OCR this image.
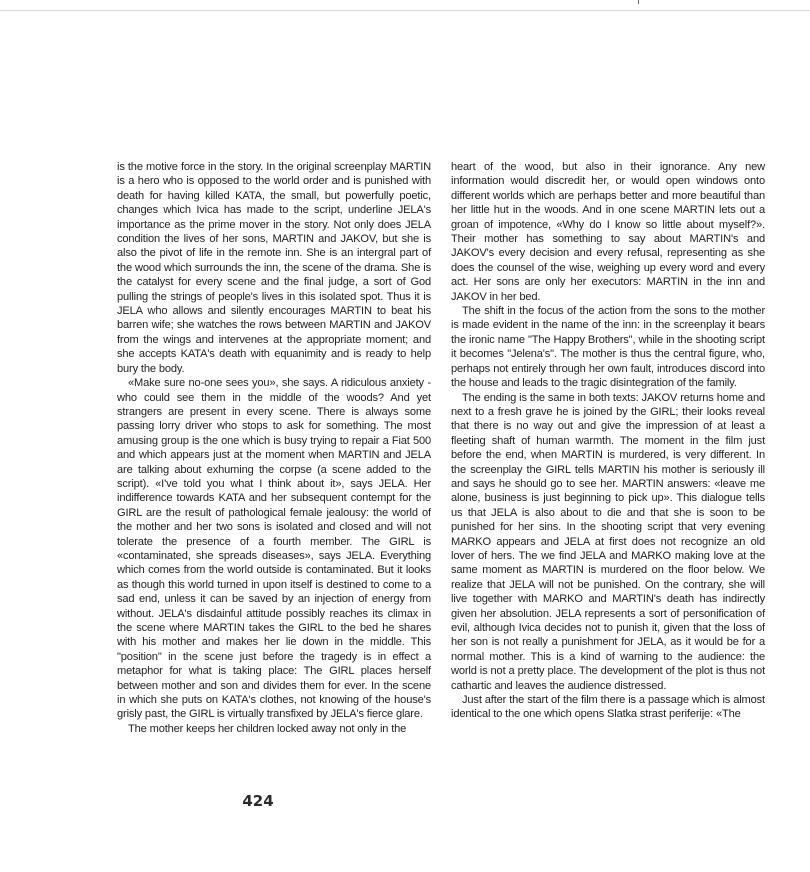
is the motive force in the story. In the original screenplay MARTIN is a hero who is opposed to the world order and is punished with death for having killed KATA, the small, but powerfully poetic, changes which Ivica has made to the script, underline JELA's importance as the prime mover in the story. Not only does JELA condition the lives of her sons, MARTIN and JAKOV, but she is also the pivot of life in the remote inn. She is an intergral part of the wood which surrounds the inn, the scene of the drama. She is the catalyst for every scene and the final judge, a sort of God pulling the strings of people's lives in this isolated spot. Thus it is JELA who allows and silently encourages MARTIN to beat his barren wife; she watches the rows between MARTIN and JAKOV from the wings and intervenes at the appropriate moment; and she accepts KATA's death with equanimity and is ready to help bury the body.

«Make sure no-one sees you», she says. A ridiculous anxiety - who could see them in the middle of the woods? And yet strangers are present in every scene. There is always some passing lorry driver who stops to ask for something. The most amusing group is the one which is busy trying to repair a Fiat 500 and which appears just at the moment when MARTIN and JELA are talking about exhuming the corpse (a scene added to the script). «I've told you what I think about it», says JELA. Her indifference towards KATA and her subsequent contempt for the GIRL are the result of pathological female jealousy: the world of the mother and her two sons is isolated and closed and will not tolerate the presence of a fourth member. The GIRL is «contaminated, she spreads diseases», says JELA. Everything which comes from the world outside is contaminated. But it looks as though this world turned in upon itself is destined to come to a sad end, unless it can be saved by an injection of energy from without. JELA's disdainful attitude possibly reaches its climax in the scene where MARTIN takes the GIRL to the bed he shares with his mother and makes her lie down in the middle. This "position" in the scene just before the tragedy is in effect a metaphor for what is taking place: The GIRL places herself between mother and son and divides them for ever. In the scene in which she puts on KATA's clothes, not knowing of the house's grisly past, the GIRL is virtually transfixed by JELA's fierce glare.

The mother keeps her children locked away not only in the

heart of the wood, but also in their ignorance. Any new information would discredit her, or would open windows onto different worlds which are perhaps better and more beautiful than her little hut in the woods. And in one scene MARTIN lets out a groan of impotence, «Why do I know so little about myself?». Their mother has something to say about MARTIN's and JAKOV's every decision and every refusal, representing as she does the counsel of the wise, weighing up every word and every act. Her sons are only her executors: MARTIN in the inn and JAKOV in her bed.

The shift in the focus of the action from the sons to the mother is made evident in the name of the inn: in the screenplay it bears the ironic name "The Happy Brothers", while in the shooting script it becomes "Jelena's". The mother is thus the central figure, who, perhaps not entirely through her own fault, introduces discord into the house and leads to the tragic disintegration of the family.

The ending is the same in both texts: JAKOV returns home and next to a fresh grave he is joined by the GIRL; their looks reveal that there is no way out and give the impression of at least a fleeting shaft of human warmth. The moment in the film just before the end, when MARTIN is murdered, is very different. In the screenplay the GIRL tells MARTIN his mother is seriously ill and says he should go to see her. MARTIN answers: «leave me alone, business is just beginning to pick up». This dialogue tells us that JELA is also about to die and that she is soon to be punished for her sins. In the shooting script that very evening MARKO appears and JELA at first does not recognize an old lover of hers. The we find JELA and MARKO making love at the same moment as MARTIN is murdered on the floor below. We realize that JELA will not be punished. On the contrary, she will live together with MARKO and MARTIN's death has indirectly given her absolution. JELA represents a sort of personification of evil, although Ivica decides not to punish it, given that the loss of her son is not really a punishment for JELA, as it would be for a normal mother. This is a kind of warning to the audience: the world is not a pretty place. The development of the plot is thus not cathartic and leaves the audience distressed.

Just after the start of the film there is a passage which is almost identical to the one which opens Slatka strast periferije: «The

424
